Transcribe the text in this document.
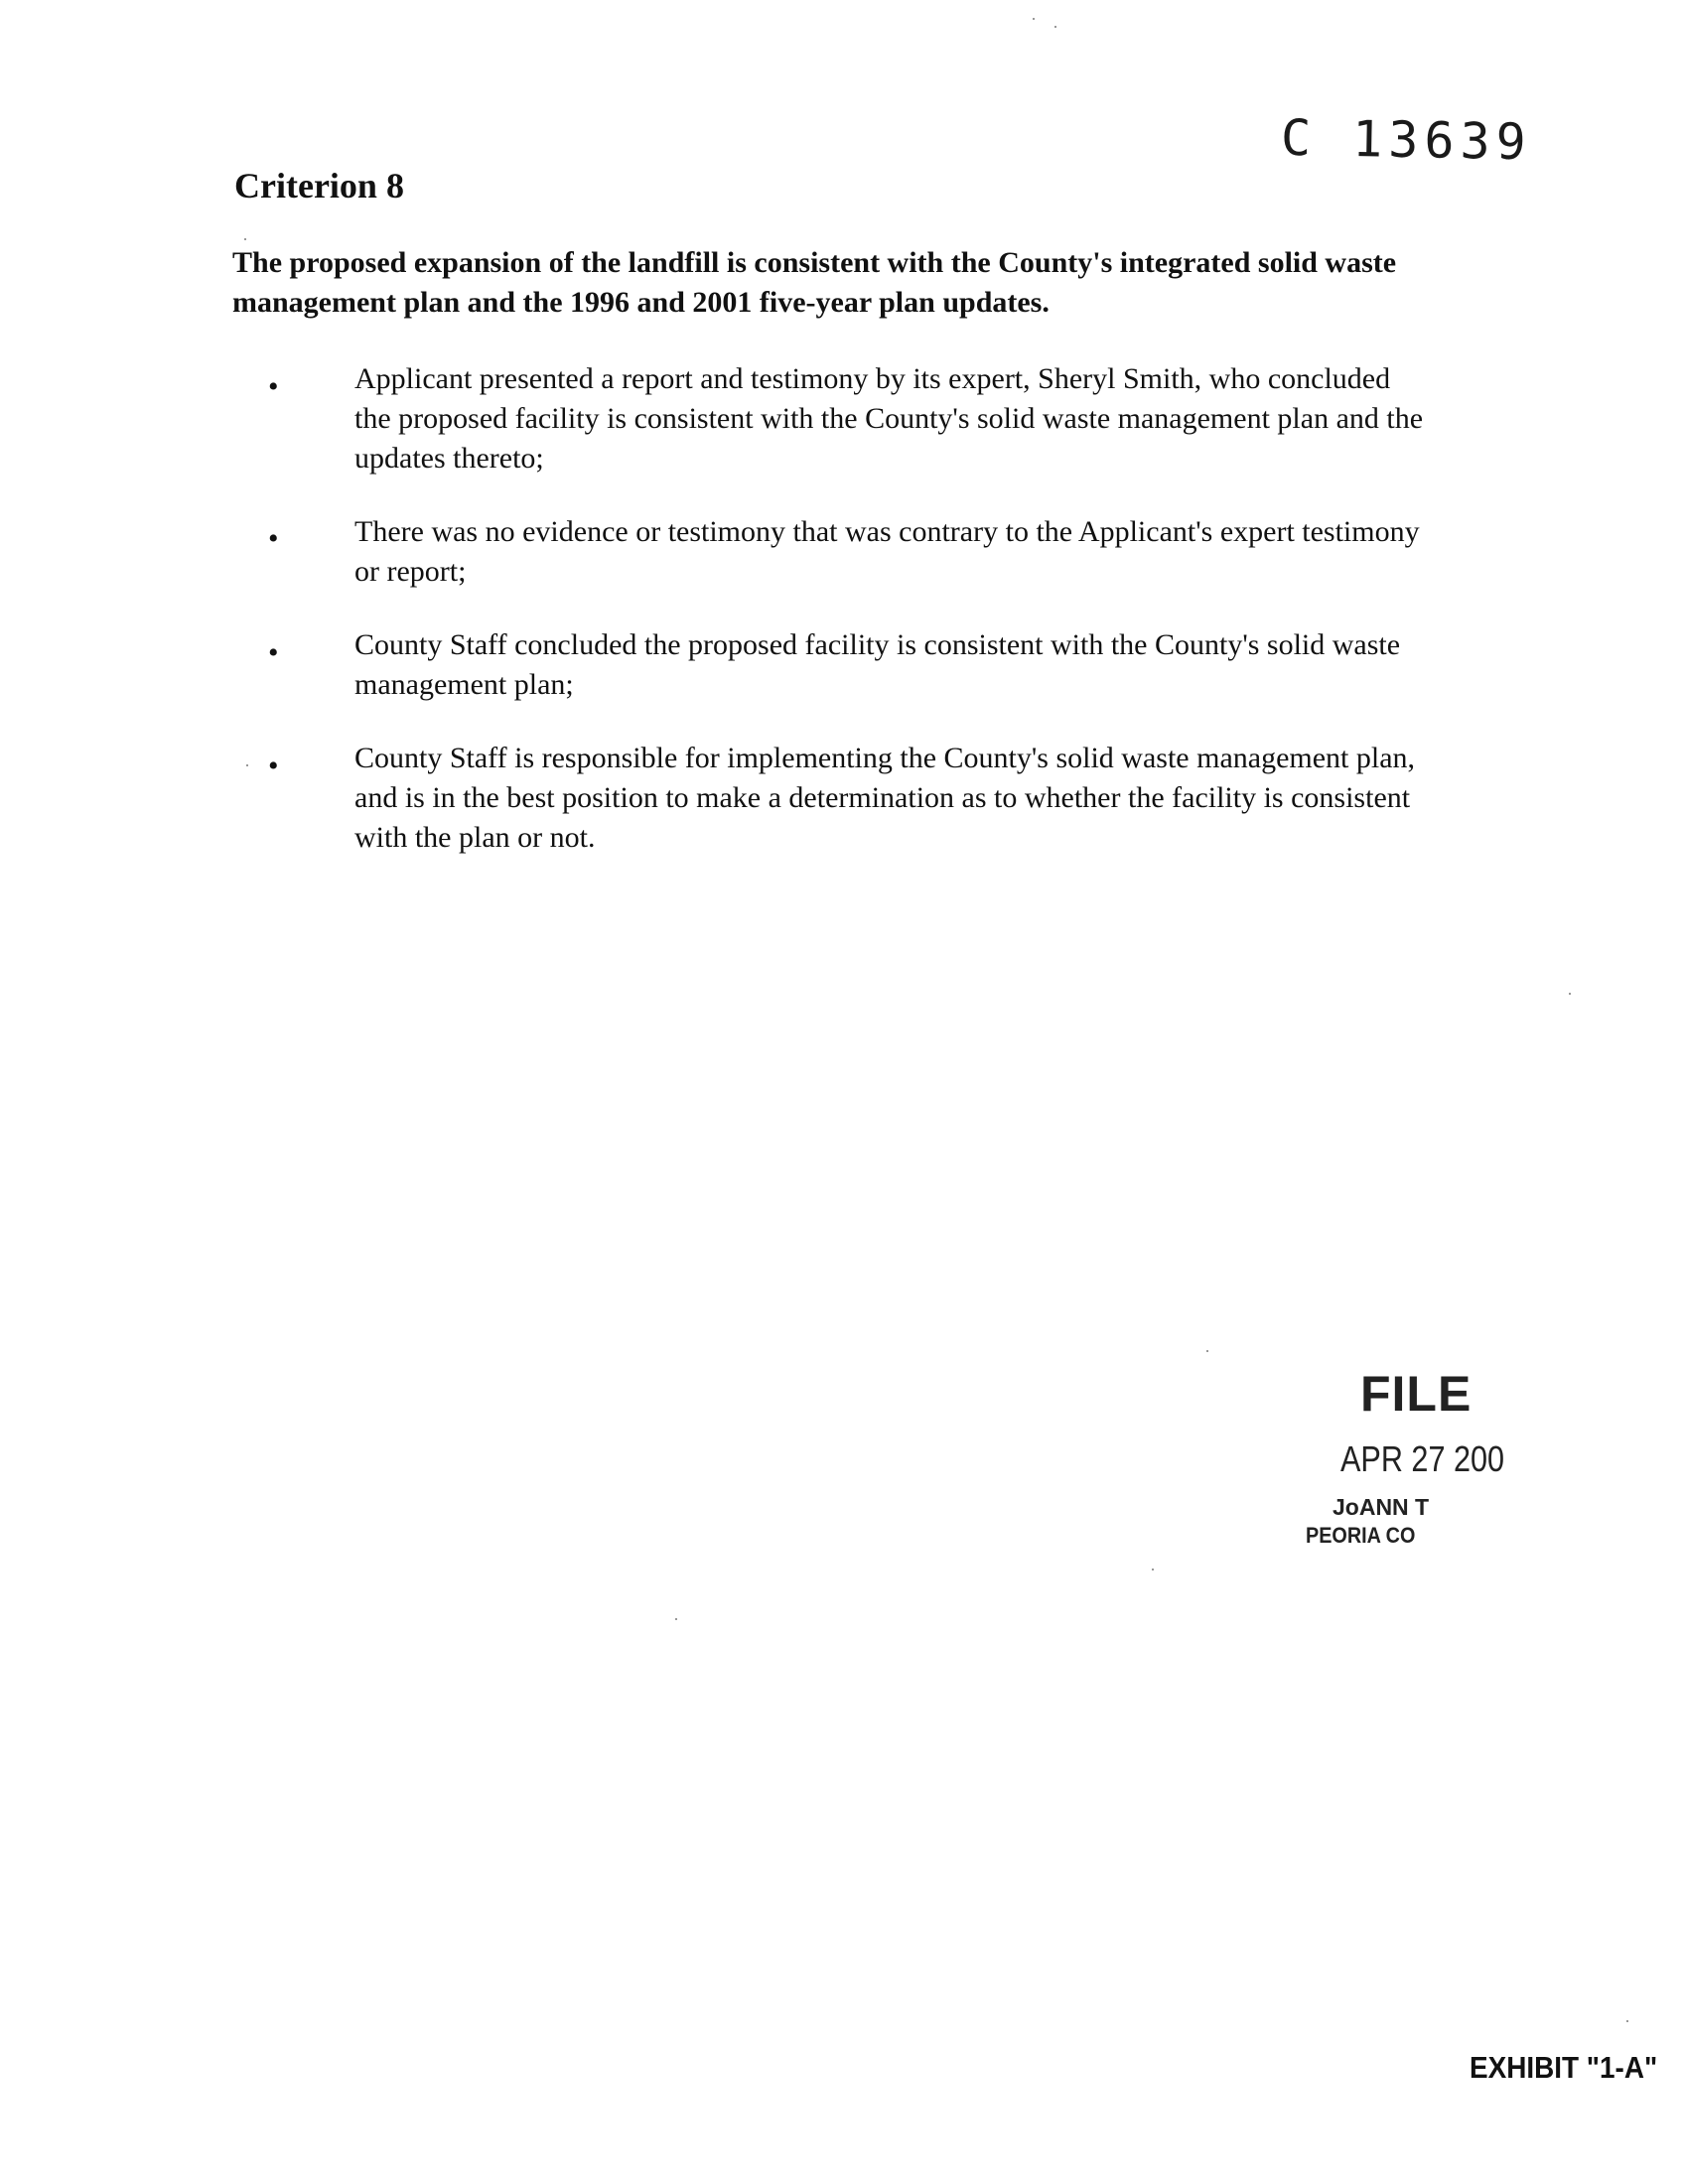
C 13639
Criterion 8
The proposed expansion of the landfill is consistent with the County's integrated solid waste management plan and the 1996 and 2001 five-year plan updates.
•	Applicant presented a report and testimony by its expert, Sheryl Smith, who concluded the proposed facility is consistent with the County's solid waste management plan and the updates thereto;
•	There was no evidence or testimony that was contrary to the Applicant's expert testimony or report;
•	County Staff concluded the proposed facility is consistent with the County's solid waste management plan;
•	County Staff is responsible for implementing the County's solid waste management plan, and is in the best position to make a determination as to whether the facility is consistent with the plan or not.
FILE
APR 27 200
JoANN T
PEORIA CO
EXHIBIT "1-A"
